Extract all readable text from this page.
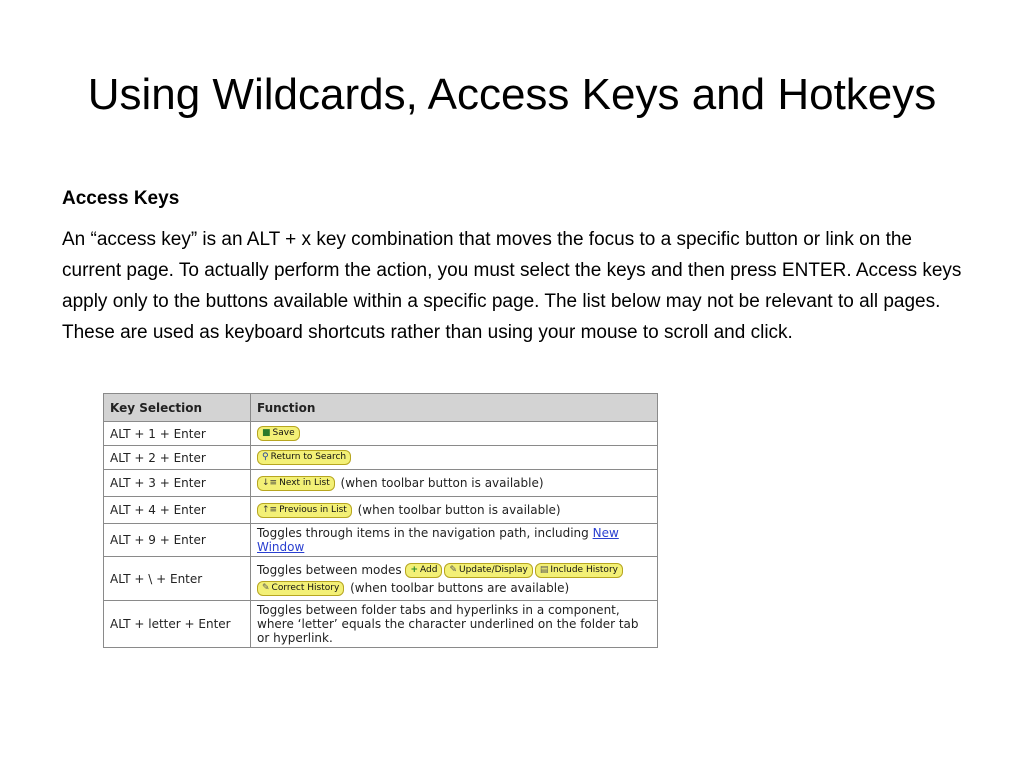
Using Wildcards, Access Keys and Hotkeys
Access Keys
An “access key” is an ALT + x key combination that moves the focus to a specific button or link on the current page. To actually perform the action, you must select the keys and then press ENTER. Access keys apply only to the buttons available within a specific page. The list below may not be relevant to all pages. These are used as keyboard shortcuts rather than using your mouse to scroll and click.
Key Selection	Function
ALT + 1 + Enter	■ Save
ALT + 2 + Enter	⚲ Return to Search
ALT + 3 + Enter	↓≡ Next in List (when toolbar button is available)
ALT + 4 + Enter	↑≡ Previous in List (when toolbar button is available)
ALT + 9 + Enter	Toggles through items in the navigation path, including New Window
ALT + \ + Enter	Toggles between modes + Add ✎ Update/Display ▤ Include History
✎ Correct History (when toolbar buttons are available)
ALT + letter + Enter	Toggles between folder tabs and hyperlinks in a component, where ‘letter’ equals the character underlined on the folder tab or hyperlink.
